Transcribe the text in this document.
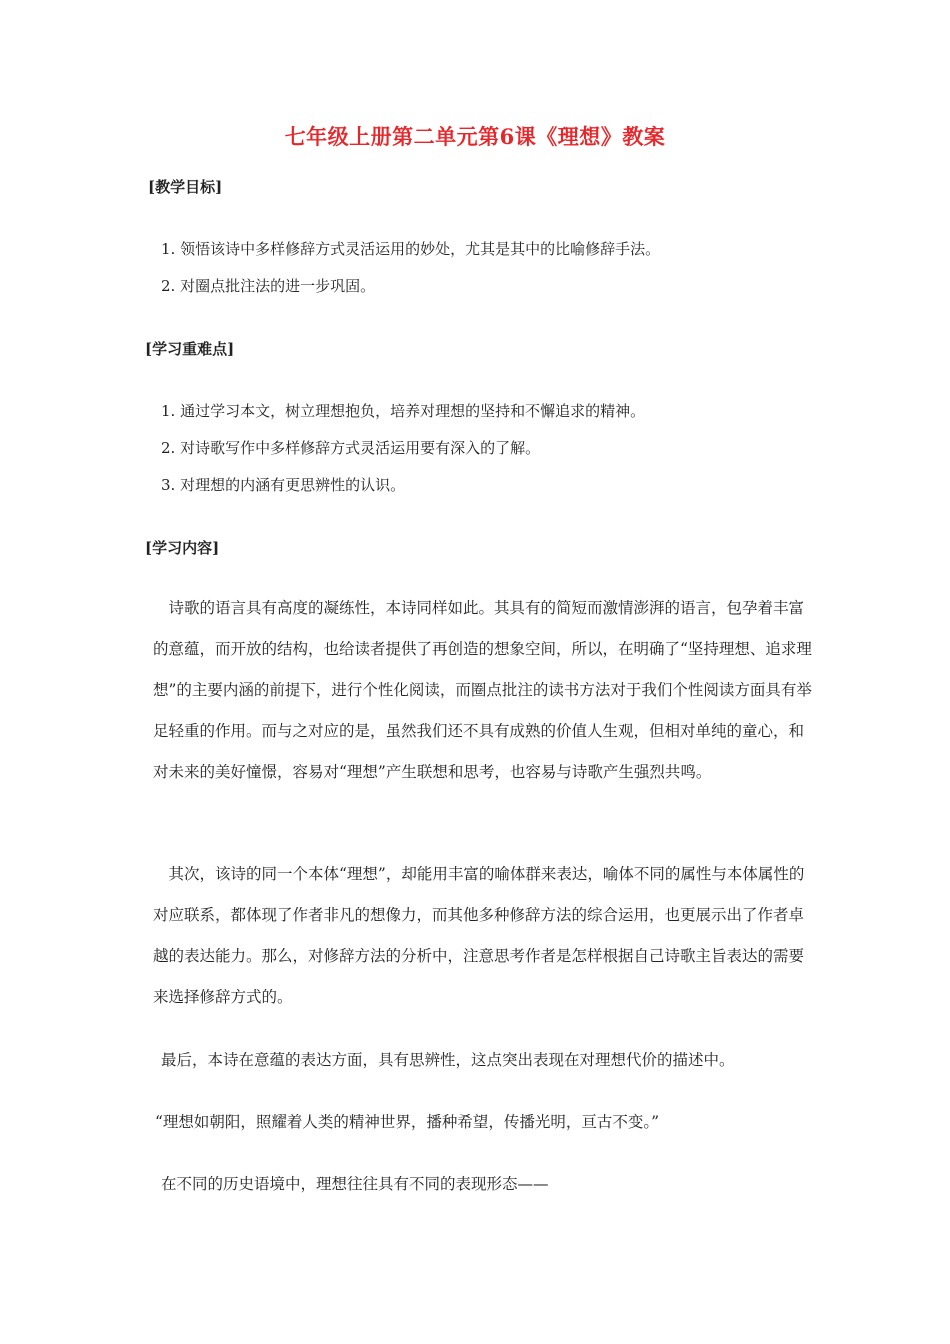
七年级上册第二单元第6课《理想》教案
[教学目标]
1. 领悟该诗中多样修辞方式灵活运用的妙处，尤其是其中的比喻修辞手法。
2. 对圈点批注法的进一步巩固。
[学习重难点]
1. 通过学习本文，树立理想抱负，培养对理想的坚持和不懈追求的精神。
2. 对诗歌写作中多样修辞方式灵活运用要有深入的了解。
3. 对理想的内涵有更思辨性的认识。
[学习内容]
　诗歌的语言具有高度的凝练性，本诗同样如此。其具有的简短而激情澎湃的语言，包孕着丰富的意蕴，而开放的结构，也给读者提供了再创造的想象空间，所以，在明确了“坚持理想、追求理想”的主要内涵的前提下，进行个性化阅读，而圈点批注的读书方法对于我们个性阅读方面具有举足轻重的作用。而与之对应的是，虽然我们还不具有成熟的价值人生观，但相对单纯的童心，和对未来的美好憧憬，容易对“理想”产生联想和思考，也容易与诗歌产生强烈共鸣。
　其次，该诗的同一个本体“理想”，却能用丰富的喻体群来表达，喻体不同的属性与本体属性的对应联系，都体现了作者非凡的想像力，而其他多种修辞方法的综合运用，也更展示出了作者卓越的表达能力。那么，对修辞方法的分析中，注意思考作者是怎样根据自己诗歌主旨表达的需要来选择修辞方式的。
最后，本诗在意蕴的表达方面，具有思辨性，这点突出表现在对理想代价的描述中。
“理想如朝阳，照耀着人类的精神世界，播种希望，传播光明，亘古不变。”
在不同的历史语境中，理想往往具有不同的表现形态——
